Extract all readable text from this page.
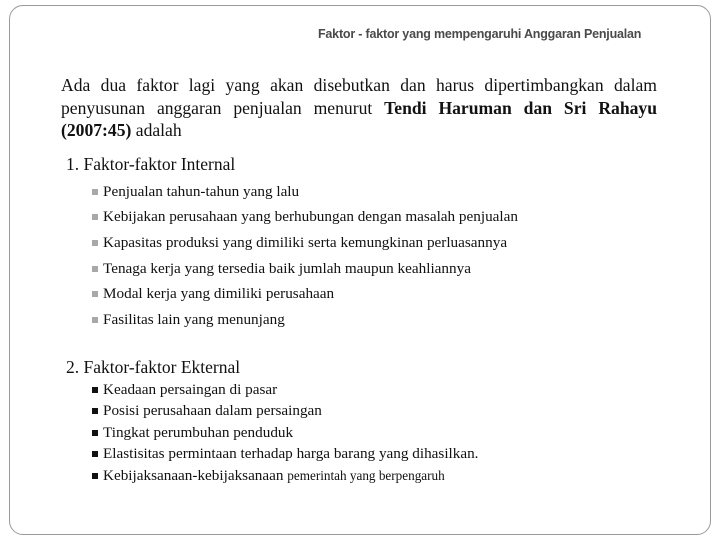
Faktor - faktor yang mempengaruhi Anggaran Penjualan
Ada dua faktor lagi yang akan disebutkan dan harus dipertimbangkan dalam penyusunan anggaran penjualan menurut Tendi Haruman dan Sri Rahayu (2007:45) adalah
1. Faktor-faktor Internal
Penjualan tahun-tahun yang lalu
Kebijakan perusahaan yang berhubungan dengan masalah penjualan
Kapasitas produksi yang dimiliki serta kemungkinan perluasannya
Tenaga kerja yang tersedia baik jumlah maupun keahliannya
Modal kerja yang dimiliki perusahaan
Fasilitas lain yang menunjang
2. Faktor-faktor Ekternal
Keadaan persaingan di pasar
Posisi perusahaan dalam persaingan
Tingkat perumbuhan penduduk
Elastisitas permintaan terhadap harga barang yang dihasilkan.
Kebijaksanaan-kebijaksanaan
pemerintah yang berpengaruh
